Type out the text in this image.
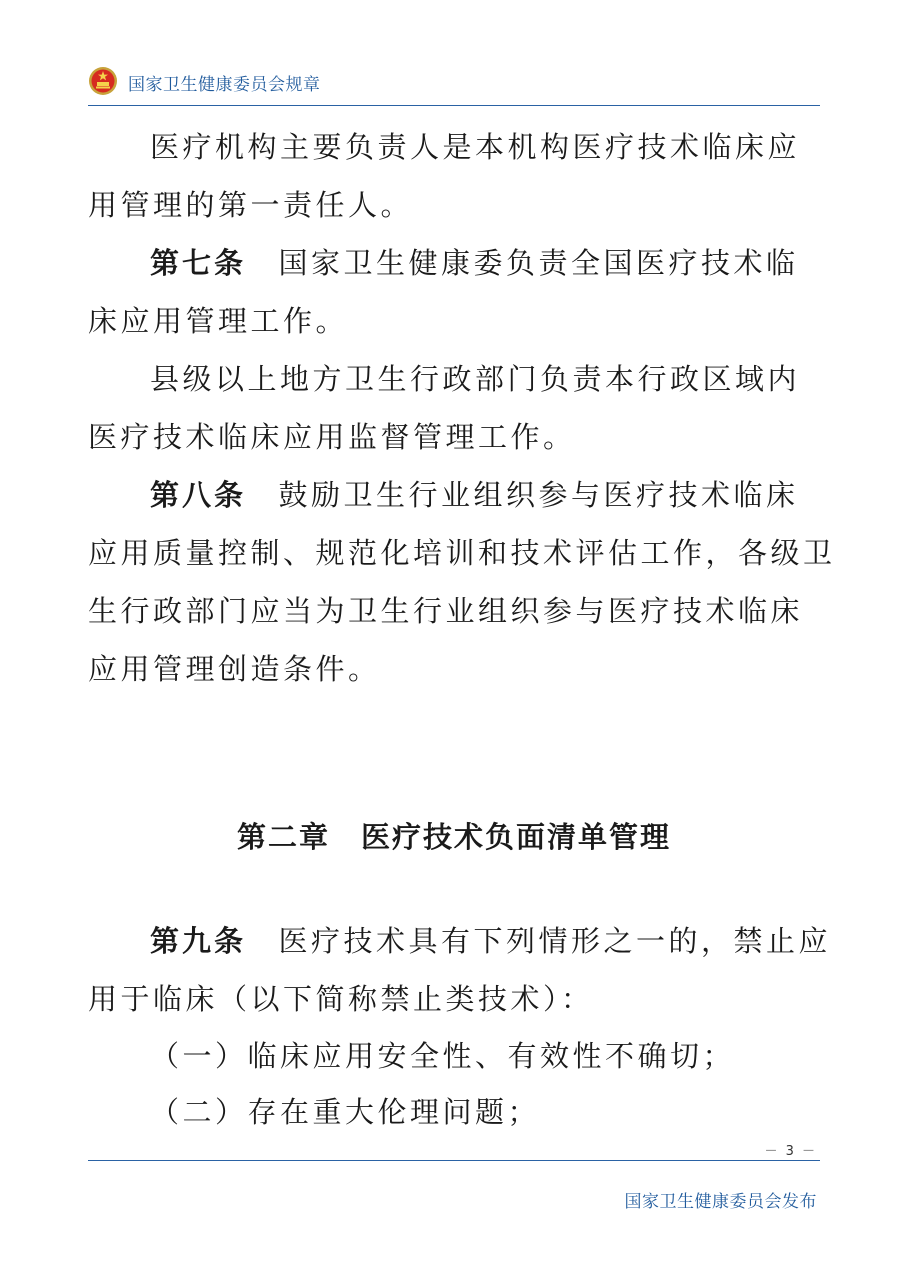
国家卫生健康委员会规章

医疗机构主要负责人是本机构医疗技术临床应
用管理的第一责任人。

第七条　 国家卫生健康委负责全国医疗技术临
床应用管理工作。

县级以上地方卫生行政部门负责本行政区域内
医疗技术临床应用监督管理工作。

第八条　 鼓励卫生行业组织参与医疗技术临床
应用质量控制、规范化培训和技术评估工作，各级卫
生行政部门应当为卫生行业组织参与医疗技术临床
应用管理创造条件。

第二章　医疗技术负面清单管理

第九条　 医疗技术具有下列情形之一的，禁止应
用于临床（以下简称禁止类技术）：

（一）临床应用安全性、有效性不确切；

（二）存在重大伦理问题；

－ 3 －
国家卫生健康委员会发布
